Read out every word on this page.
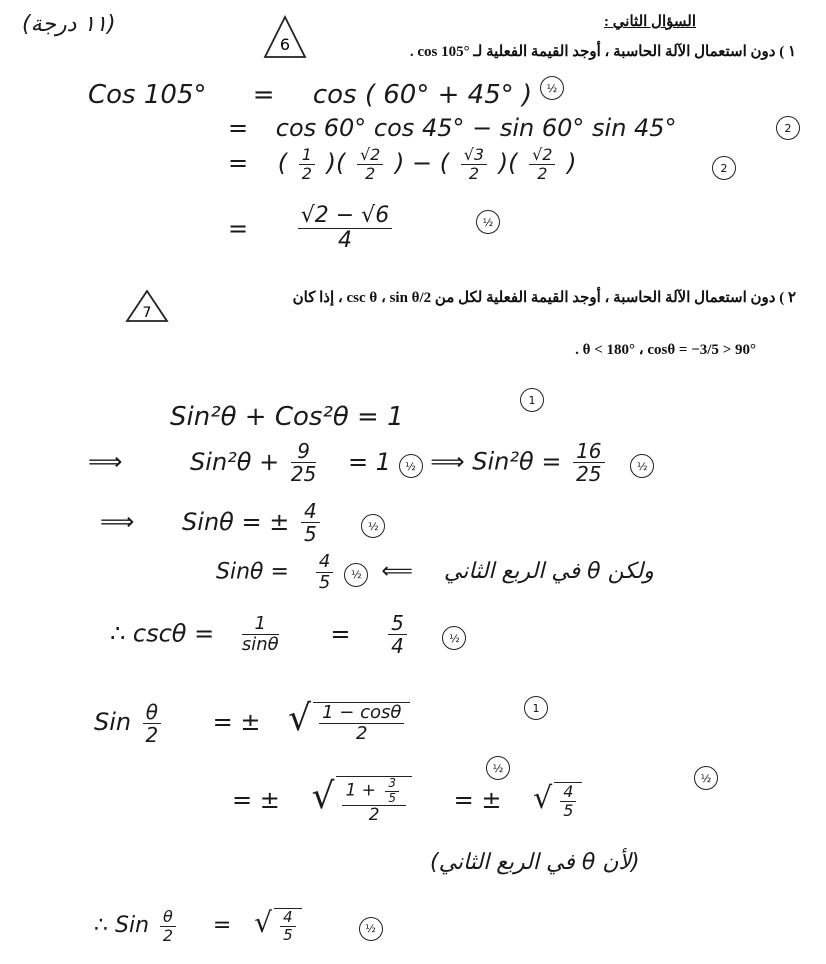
(١١ درجة)	السؤال الثاني :
6	١ ) دون استعمال الآلة الحاسبة ، أوجد القيمة الفعلية لـ cos 105° .
Cos 105° = cos ( 60° + 45° )	½
= cos 60° cos 45° − sin 60° sin 45°	2
= ( $\frac{1}{2}$ )( $\frac{√2}{2}$ ) − ( $\frac{√3}{2}$ )( $\frac{√2}{2}$ )	2
= $\frac{√2 - √6}{4}$	½
٢ ) دون استعمال الآلة الحاسبة ، أوجد القيمة الفعلية لكل من csc θ ، sin θ/2 ، إذا كان
7
90° < θ < 180° ، cosθ = −3/5 .
1
Sin²θ + Cos²θ = 1
⟹	$Sin^2\theta + \frac{9}{25} = 1$ ½ ⟹ $Sin^2\theta = \frac{16}{25}$	½
⟹ Sinθ = ± $\frac{4}{5}$	½
$Sin\theta = \frac{4}{5}$ ½ ⟸ ولكن θ في الربع الثاني
∴ $\csc\theta = \frac{1}{\sin\theta} = \frac{5}{4}$	½
Sin $\frac{\theta}{2}$ = ± √ $\frac{1 - \cos\theta}{2}$	1
½
½
= ± √ $\frac{1 + \frac{3}{5}}{2}$ = ± √ $\frac{4}{5}$
(لأن θ في الربع الثاني)
∴ Sin $\frac{\theta}{2}$ = √ $\frac{4}{5}$	½
